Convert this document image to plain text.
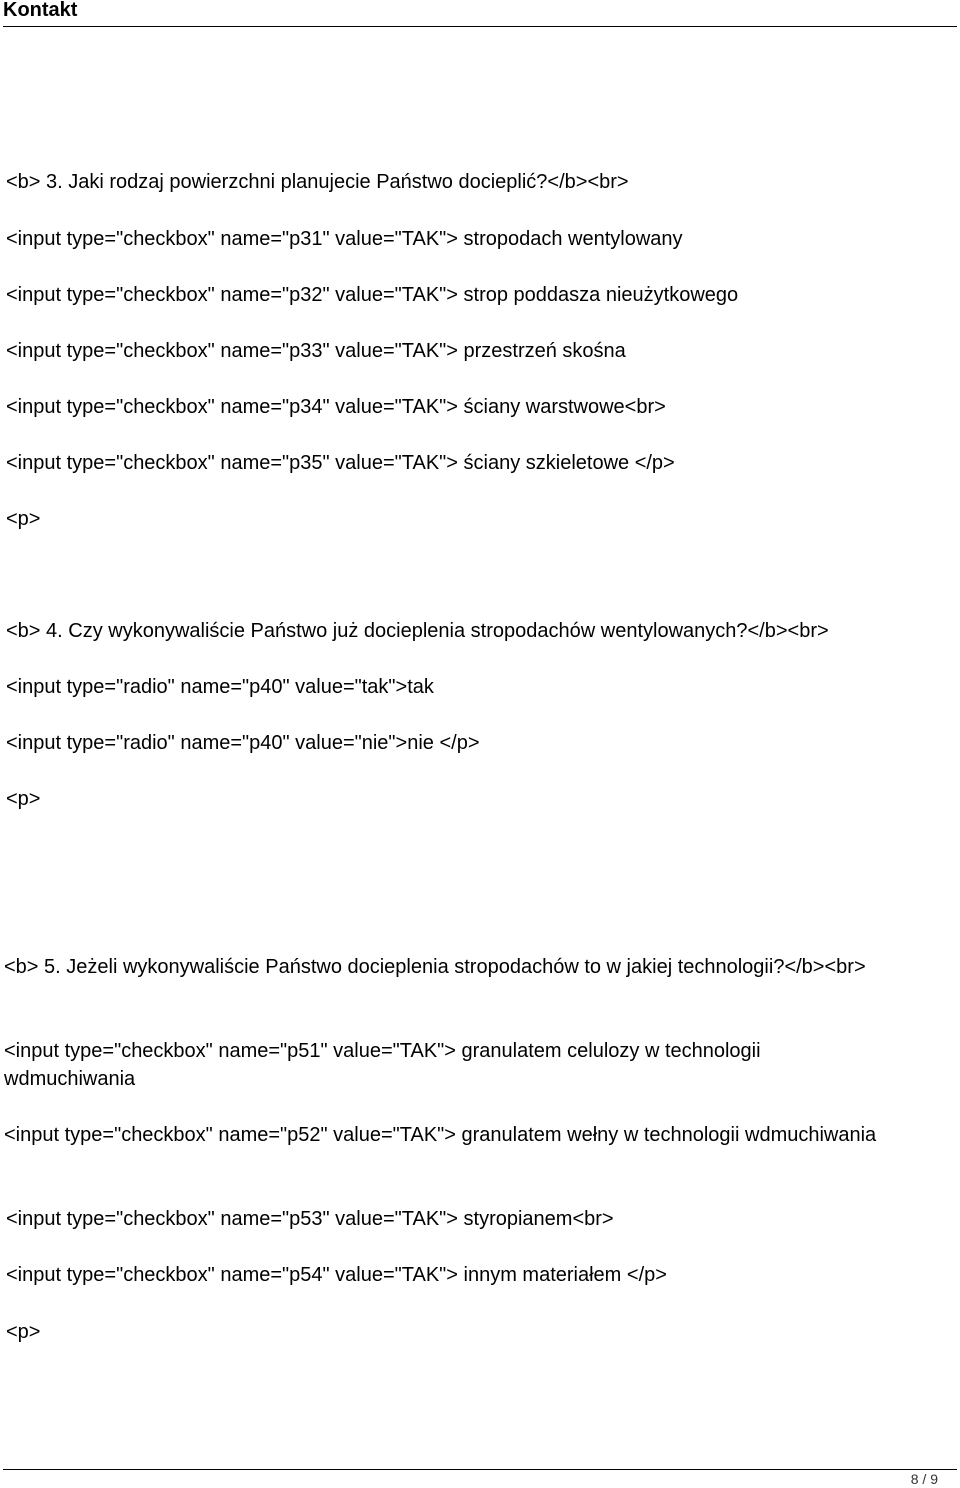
Kontakt
<b> 3. Jaki rodzaj powierzchni planujecie Państwo docieplić?</b><br>
<input type="checkbox" name="p31" value="TAK"> stropodach wentylowany
<input type="checkbox" name="p32" value="TAK"> strop poddasza nieużytkowego
<input type="checkbox" name="p33" value="TAK"> przestrzeń skośna
<input type="checkbox" name="p34" value="TAK"> ściany warstwowe<br>
<input type="checkbox" name="p35" value="TAK"> ściany szkieletowe </p>
<p>
<b> 4. Czy wykonywaliście Państwo już docieplenia stropodachów wentylowanych?</b><br>
<input type="radio" name="p40" value="tak">tak
<input type="radio" name="p40" value="nie">nie </p>
<p>
<b> 5. Jeżeli wykonywaliście Państwo docieplenia stropodachów to w jakiej technologii?</b><br>
<input type="checkbox" name="p51" value="TAK"> granulatem celulozy w technologii wdmuchiwania
<input type="checkbox" name="p52" value="TAK"> granulatem wełny w technologii wdmuchiwania
<input type="checkbox" name="p53" value="TAK"> styropianem<br>
<input type="checkbox" name="p54" value="TAK"> innym materiałem </p>
<p>
8 / 9
